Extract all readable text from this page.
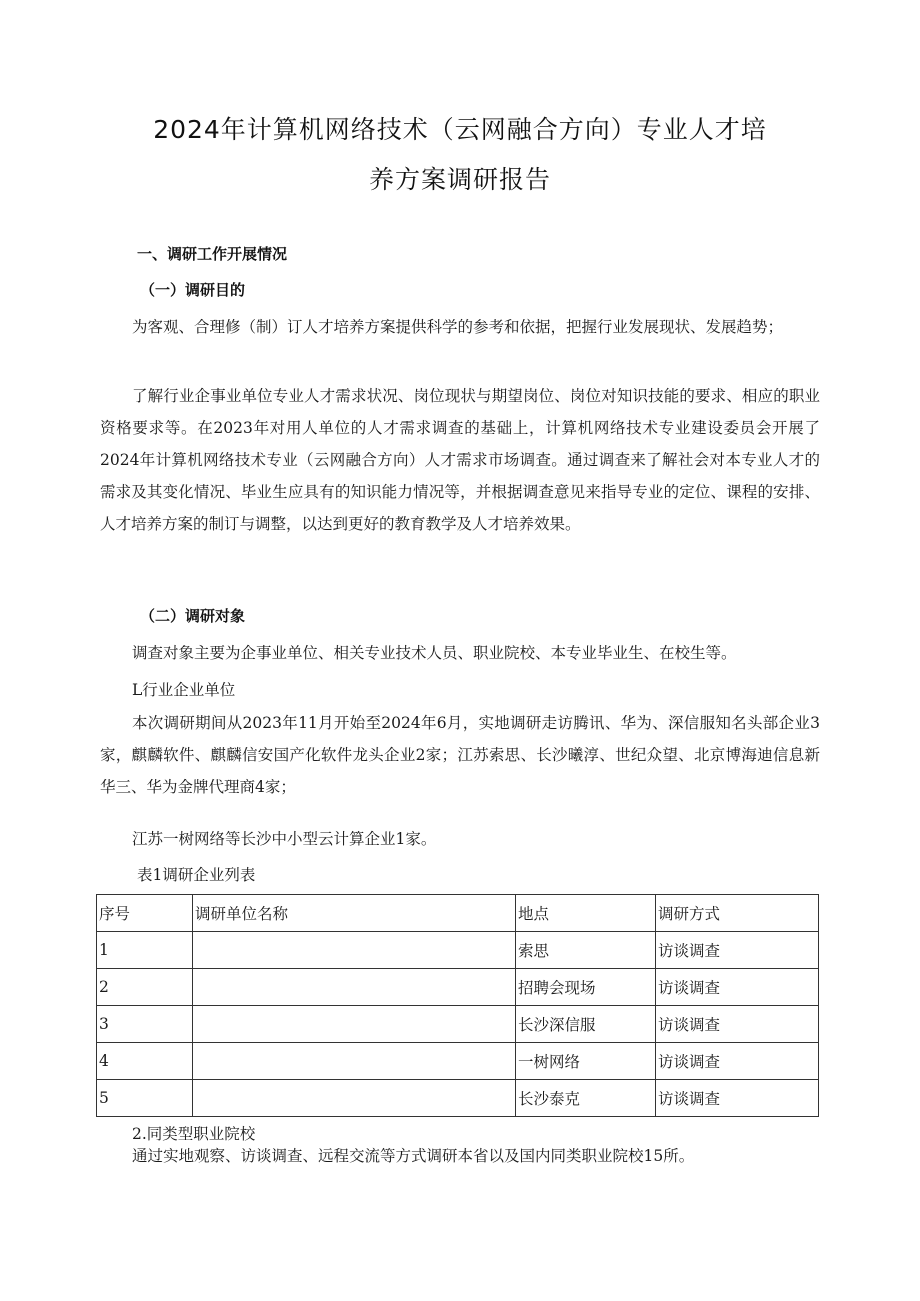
2024年计算机网络技术（云网融合方向）专业人才培
养方案调研报告
一、调研工作开展情况
（一）调研目的
为客观、合理修（制）订人才培养方案提供科学的参考和依据，把握行业发展现状、发展趋势；
了解行业企事业单位专业人才需求状况、岗位现状与期望岗位、岗位对知识技能的要求、相应的职业资格要求等。在2023年对用人单位的人才需求调查的基础上，计算机网络技术专业建设委员会开展了2024年计算机网络技术专业（云网融合方向）人才需求市场调查。通过调查来了解社会对本专业人才的需求及其变化情况、毕业生应具有的知识能力情况等，并根据调查意见来指导专业的定位、课程的安排、人才培养方案的制订与调整，以达到更好的教育教学及人才培养效果。
（二）调研对象
调查对象主要为企事业单位、相关专业技术人员、职业院校、本专业毕业生、在校生等。
L行业企业单位
本次调研期间从2023年11月开始至2024年6月，实地调研走访腾讯、华为、深信服知名头部企业3家，麒麟软件、麒麟信安国产化软件龙头企业2家；江苏索思、长沙曦淳、世纪众望、北京博海迪信息新华三、华为金牌代理商4家；
江苏一树网络等长沙中小型云计算企业1家。
表1调研企业列表
序号	调研单位名称	地点	调研方式
1		索思	访谈调查
2		招聘会现场	访谈调查
3		长沙深信服	访谈调查
4		一树网络	访谈调查
5		长沙泰克	访谈调查
2.同类型职业院校
通过实地观察、访谈调查、远程交流等方式调研本省以及国内同类职业院校15所。
